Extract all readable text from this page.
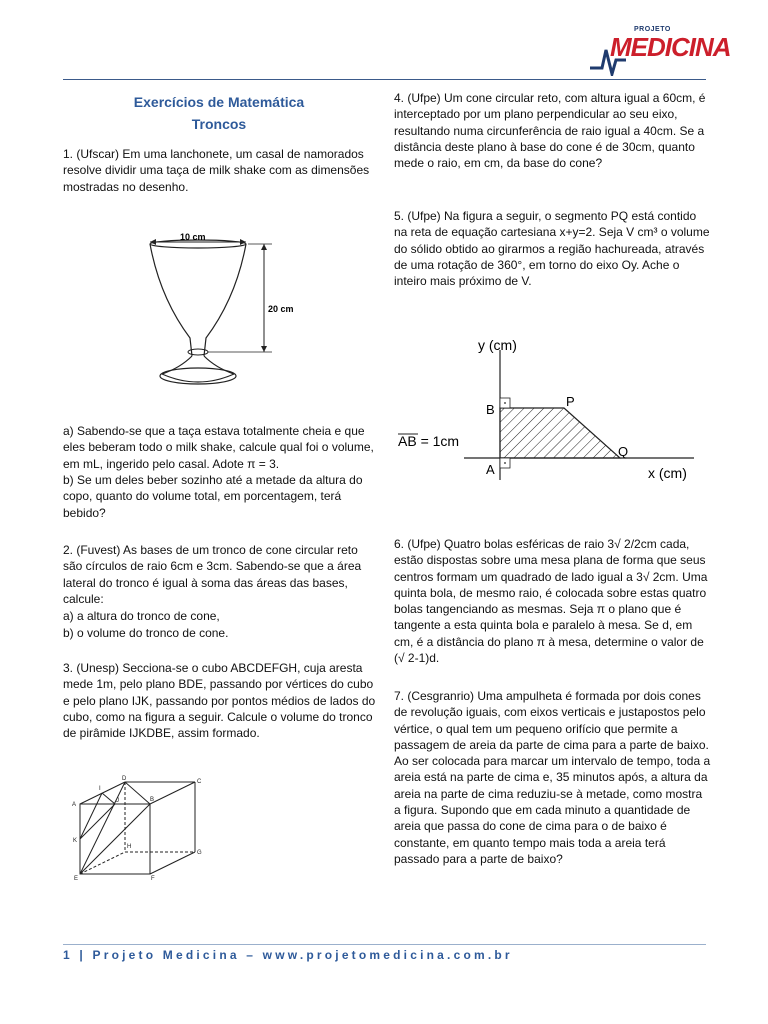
PROJETO
MEDICINA
Exercícios de Matemática
Troncos
1. (Ufscar) Em uma lanchonete, um casal de namorados resolve dividir uma taça de milk shake com as dimensões mostradas no desenho.
10 cm
20 cm
a) Sabendo-se que a taça estava totalmente cheia e que eles beberam todo o milk shake, calcule qual foi o volume, em mL, ingerido pelo casal. Adote π = 3.
b) Se um deles beber sozinho até a metade da altura do copo, quanto do volume total, em porcentagem, terá bebido?
2. (Fuvest) As bases de um tronco de cone circular reto são círculos de raio 6cm e 3cm. Sabendo-se que a área lateral do tronco é igual à soma das áreas das bases, calcule:
a) a altura do tronco de cone,
b) o volume do tronco de cone.
3. (Unesp) Secciona-se o cubo ABCDEFGH, cuja aresta mede 1m, pelo plano BDE, passando por vértices do cubo e pelo plano IJK, passando por pontos médios de lados do cubo, como na figura a seguir. Calcule o volume do tronco de pirâmide IJKDBE, assim formado.
A
B
C
D
E	F
G
H
I
J
K
4. (Ufpe) Um cone circular reto, com altura igual a 60cm, é interceptado por um plano perpendicular ao seu eixo, resultando numa circunferência de raio igual a 40cm. Se a distância deste plano à base do cone é de 30cm, quanto mede o raio, em cm, da base do cone?
5. (Ufpe) Na figura a seguir, o segmento PQ está contido na reta de equação cartesiana x+y=2. Seja V cm³ o volume do sólido obtido ao girarmos a região hachureada, através de uma rotação de 360°, em torno do eixo Oy. Ache o inteiro mais próximo de V.
y (cm)
x (cm)
B
P
A
Q
AB = 1cm
6. (Ufpe) Quatro bolas esféricas de raio 3√ 2/2cm cada, estão dispostas sobre uma mesa plana de forma que seus centros formam um quadrado de lado igual a 3√ 2cm. Uma quinta bola, de mesmo raio, é colocada sobre estas quatro bolas tangenciando as mesmas. Seja π o plano que é tangente a esta quinta bola e paralelo à mesa. Se d, em cm, é a distância do plano π à mesa, determine o valor de (√ 2-1)d.
7. (Cesgranrio) Uma ampulheta é formada por dois cones de revolução iguais, com eixos verticais e justapostos pelo vértice, o qual tem um pequeno orifício que permite a passagem de areia da parte de cima para a parte de baixo. Ao ser colocada para marcar um intervalo de tempo, toda a areia está na parte de cima e, 35 minutos após, a altura da areia na parte de cima reduziu-se à metade, como mostra a figura. Supondo que em cada minuto a quantidade de areia que passa do cone de cima para o de baixo é constante, em quanto tempo mais toda a areia terá passado para a parte de baixo?
1 | Projeto Medicina – www.projetomedicina.com.br
